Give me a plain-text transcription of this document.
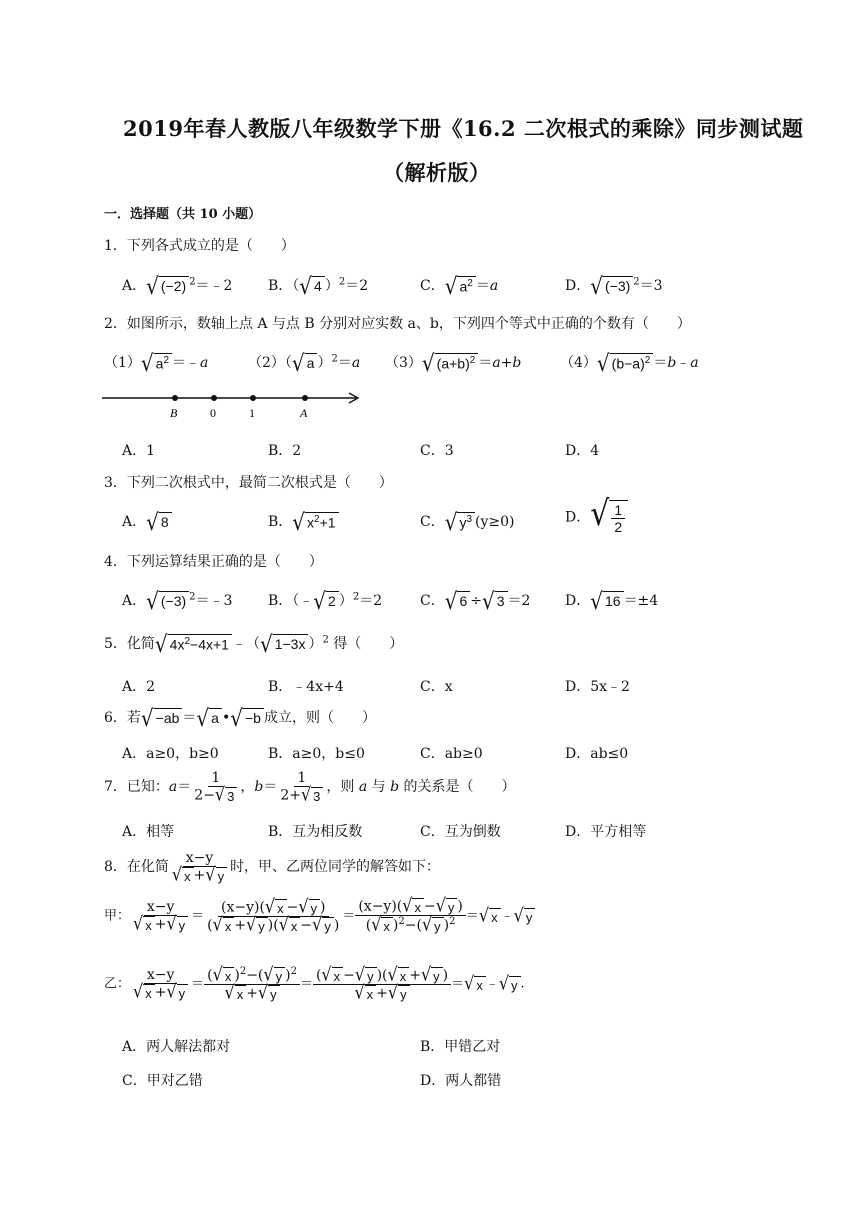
2019年春人教版八年级数学下册《16.2 二次根式的乘除》同步测试题
（解析版）
一．选择题（共 10 小题）
1．下列各式成立的是（　　）
A． √ (−2) $^2$＝﹣2	B．（ √ 4 ）$^2$＝2	C． √ $a^2 =a$	D． √ (−3) $^2$＝3
2．如图所示，数轴上点 A 与点 B 分别对应实数 a、b，下列四个等式中正确的个数有（　　）
（1） √ $a^2$ ＝﹣a	（2）（ √ a ）$^2$＝a （3） √ $(a+b)^2 =a+b$	（4） √ $(b-a)^2$ ＝b﹣a
B	0	1	A
A．1	B．2	C．3	D．4
3．下列二次根式中，最简二次根式是（　　）
A． √ 8	B． √ $x^2+1$	C． √ $y^3$ (y≥0)	D． √ $\frac{1}{2}$
4．下列运算结果正确的是（　　）
A． √ (−3) $^2$＝﹣3	B．（﹣ √ 2 ）$^2$＝2	C． √ 6 ÷ √ 3 ＝2 D． √ 16 ＝±4
5．化简 √ $4x^2-4x+1$ ﹣（ √ 1−3x ）$^2$ 得（　　）
A．2	B．﹣4x+4	C．x	D．5x﹣2
6．若 √ −ab ＝ √ a • √ −b 成立，则（　　）
A．a≥0，b≥0	B．a≥0，b≤0	C．ab≥0	D．ab≤0
7．已知：$a= \frac{1}{2- √ 3}$ ，$b= \frac{1}{2+ √ 3}$ ，则 a 与 b 的关系是（　　）
A．相等	B．互为相反数	C．互为倒数	D．平方相等
8．在化简 $\frac{x-y}{√ x + √ y}$ 时，甲、乙两位同学的解答如下：
甲： $\frac{x-y}{√ x + √ y} = \frac{(x-y)( √ x - √ y )}{( √ x + √ y )( √ x - √ y )} = \frac{(x-y)( √ x - √ y )}{( √ x )^2-( √ y )^2}$ ＝ √ x ﹣ √ y
乙： $\frac{x-y}{√ x + √ y} = \frac{( √ x )^2-( √ y )^2}{√ x + √ y} = \frac{( √ x - √ y )( √ x + √ y )}{√ x + √ y}$ ＝ √ x ﹣ √ y .
A．两人解法都对	B．甲错乙对
C．甲对乙错	D．两人都错
